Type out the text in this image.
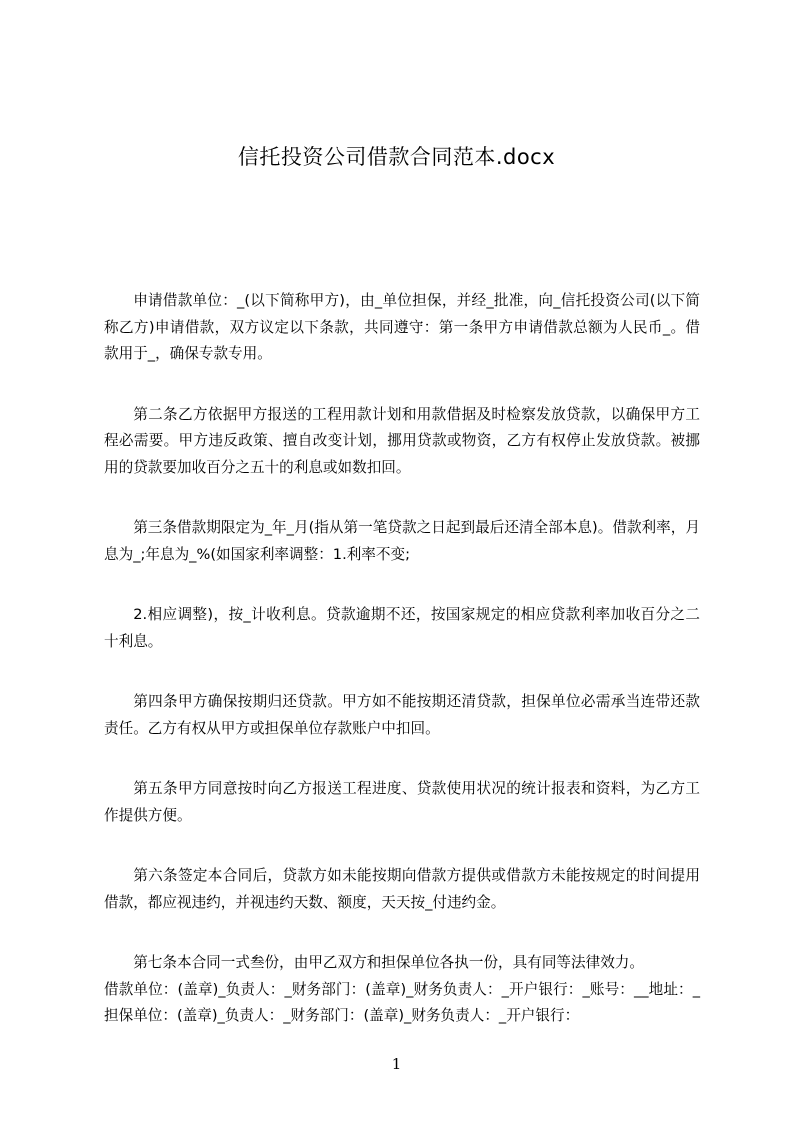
信托投资公司借款合同范本.docx

申请借款单位：_(以下简称甲方)，由_单位担保，并经_批准，向_信托投资公司(以下简称乙方)申请借款，双方议定以下条款，共同遵守：第一条甲方申请借款总额为人民币_。借款用于_，确保专款专用。

第二条乙方依据甲方报送的工程用款计划和用款借据及时检察发放贷款，以确保甲方工程必需要。甲方违反政策、擅自改变计划，挪用贷款或物资，乙方有权停止发放贷款。被挪用的贷款要加收百分之五十的利息或如数扣回。

第三条借款期限定为_年_月(指从第一笔贷款之日起到最后还清全部本息)。借款利率，月息为_;年息为_%(如国家利率调整：1.利率不变;

2.相应调整)，按_计收利息。贷款逾期不还，按国家规定的相应贷款利率加收百分之二十利息。

第四条甲方确保按期归还贷款。甲方如不能按期还清贷款，担保单位必需承当连带还款责任。乙方有权从甲方或担保单位存款账户中扣回。

第五条甲方同意按时向乙方报送工程进度、贷款使用状况的统计报表和资料，为乙方工作提供方便。

第六条签定本合同后，贷款方如未能按期向借款方提供或借款方未能按规定的时间提用借款，都应视违约，并视违约天数、额度，天天按_付违约金。

第七条本合同一式叁份，由甲乙双方和担保单位各执一份，具有同等法律效力。

借款单位：(盖章)_负责人：_财务部门：(盖章)_财务负责人：_开户银行：_账号：__地址：_担保单位：(盖章)_负责人：_财务部门：(盖章)_财务负责人：_开户银行：

1
